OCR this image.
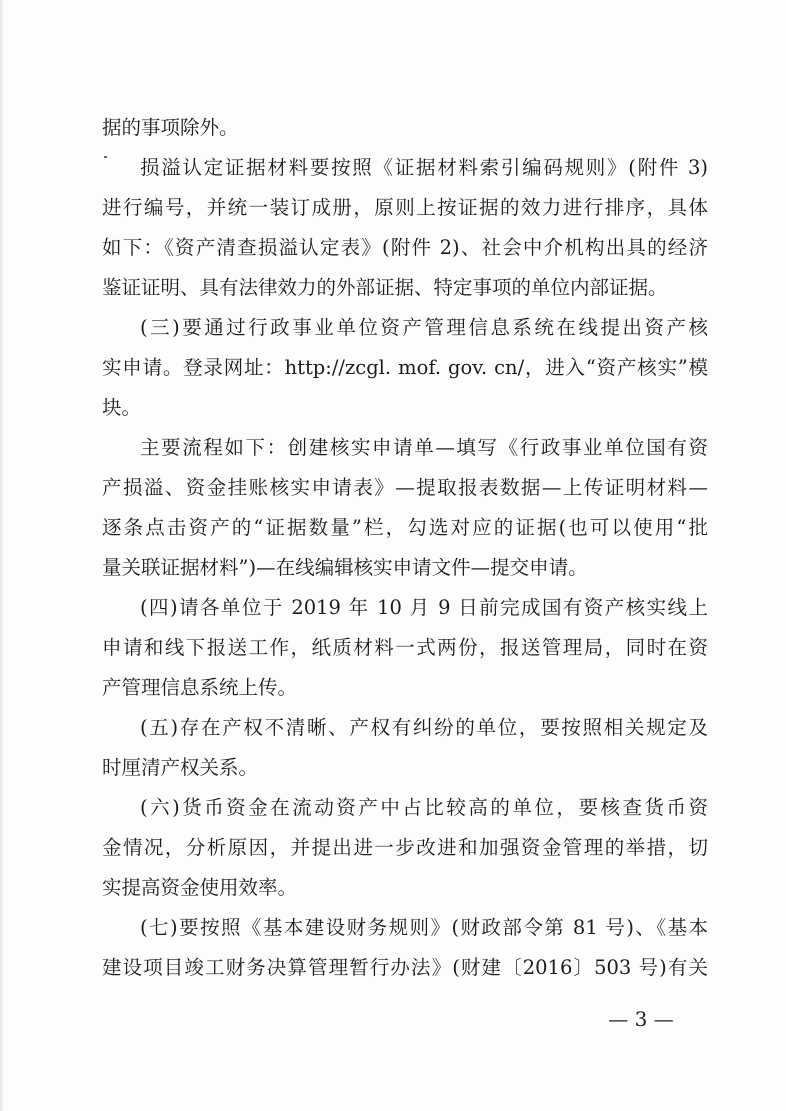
据的事项除外。
损溢认定证据材料要按照《证据材料索引编码规则》(附件 3)
进行编号，并统一装订成册，原则上按证据的效力进行排序，具体
如下：《资产清查损溢认定表》(附件 2)、社会中介机构出具的经济
鉴证证明、具有法律效力的外部证据、特定事项的单位内部证据。
(三)要通过行政事业单位资产管理信息系统在线提出资产核
实申请。登录网址：http://zcgl. mof. gov. cn/，进入“资产核实”模
块。
主要流程如下：创建核实申请单—填写《行政事业单位国有资
产损溢、资金挂账核实申请表》—提取报表数据—上传证明材料—
逐条点击资产的“证据数量”栏，勾选对应的证据(也可以使用“批
量关联证据材料”)—在线编辑核实申请文件—提交申请。
(四)请各单位于 2019 年 10 月 9 日前完成国有资产核实线上
申请和线下报送工作，纸质材料一式两份，报送管理局，同时在资
产管理信息系统上传。
(五)存在产权不清晰、产权有纠纷的单位，要按照相关规定及
时厘清产权关系。
(六)货币资金在流动资产中占比较高的单位，要核查货币资
金情况，分析原因，并提出进一步改进和加强资金管理的举措，切
实提高资金使用效率。
(七)要按照《基本建设财务规则》(财政部令第 81 号)、《基本
建设项目竣工财务决算管理暂行办法》(财建〔2016〕503 号)有关
— 3 —
